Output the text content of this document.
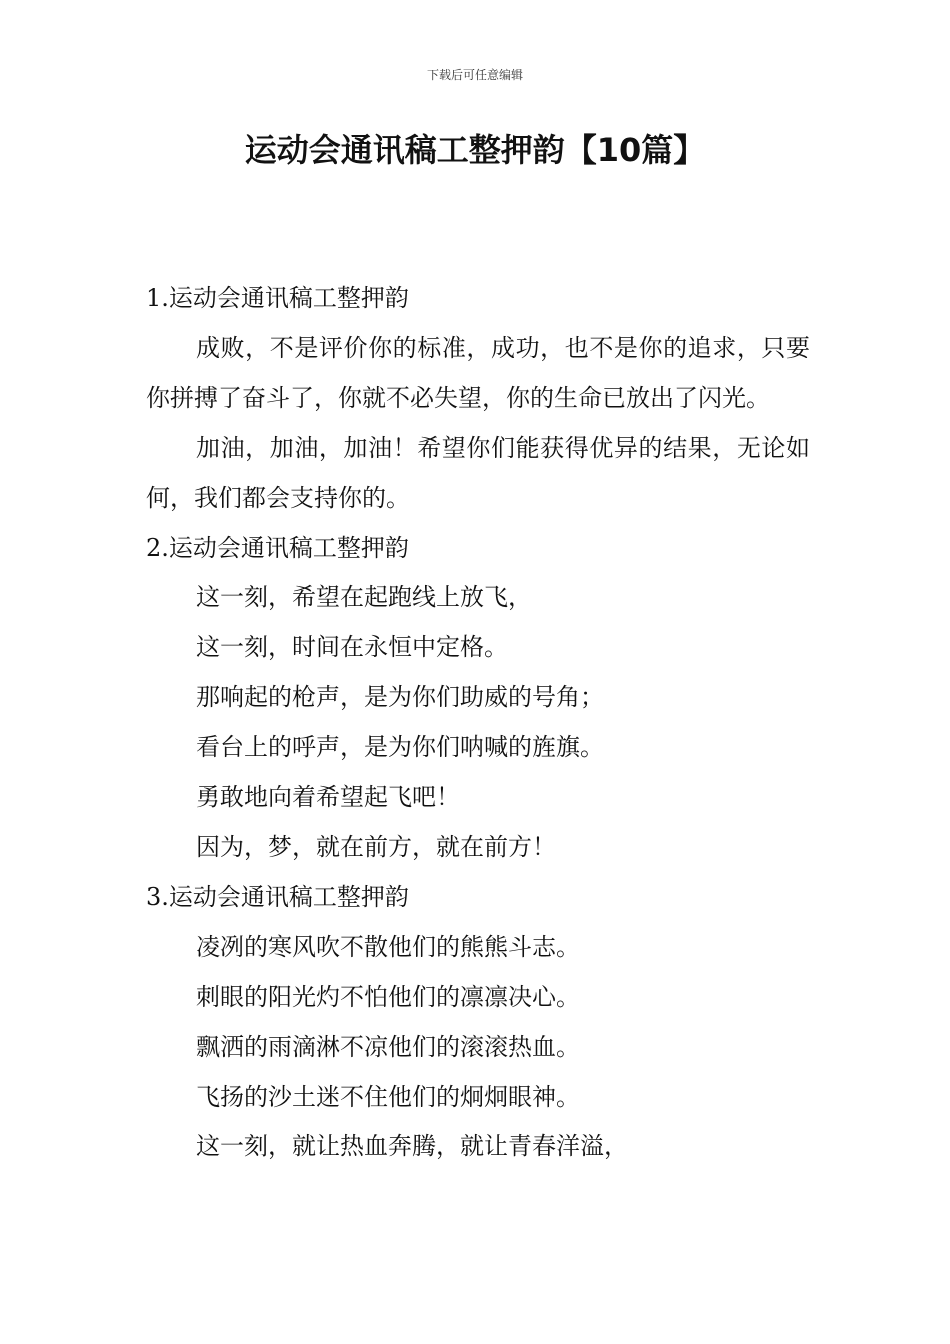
下载后可任意编辑
运动会通讯稿工整押韵【10篇】

1.运动会通讯稿工整押韵

成败，不是评价你的标准，成功，也不是你的追求，只要你拼搏了奋斗了，你就不必失望，你的生命已放出了闪光。

加油，加油，加油！希望你们能获得优异的结果，无论如何，我们都会支持你的。

2.运动会通讯稿工整押韵

这一刻，希望在起跑线上放飞，

这一刻，时间在永恒中定格。

那响起的枪声，是为你们助威的号角；

看台上的呼声，是为你们呐喊的旌旗。

勇敢地向着希望起飞吧！

因为，梦，就在前方，就在前方！

3.运动会通讯稿工整押韵

凌冽的寒风吹不散他们的熊熊斗志。

刺眼的阳光灼不怕他们的凛凛决心。

飘洒的雨滴淋不凉他们的滚滚热血。

飞扬的沙土迷不住他们的炯炯眼神。

这一刻，就让热血奔腾，就让青春洋溢，
